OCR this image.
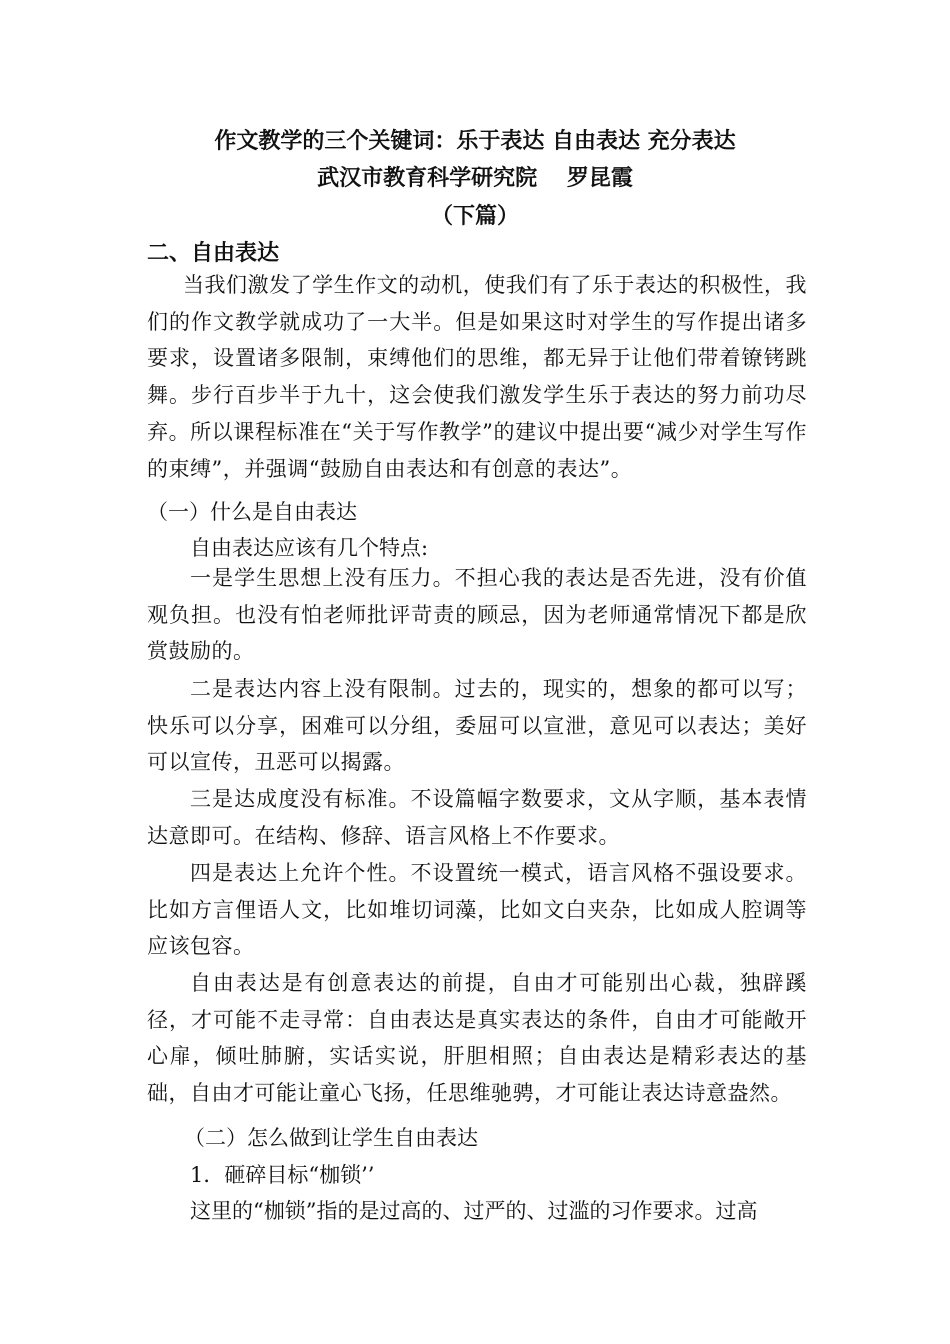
作文教学的三个关键词：乐于表达 自由表达 充分表达
武汉市教育科学研究院　 罗昆霞
（下篇）
二、自由表达

当我们激发了学生作文的动机，使我们有了乐于表达的积极性，我们的作文教学就成功了一大半。但是如果这时对学生的写作提出诸多要求，设置诸多限制，束缚他们的思维，都无异于让他们带着镣铐跳舞。步行百步半于九十，这会使我们激发学生乐于表达的努力前功尽弃。所以课程标准在“关于写作教学”的建议中提出要“减少对学生写作的束缚”，并强调“鼓励自由表达和有创意的表达”。

（一）什么是自由表达
自由表达应该有几个特点:

一是学生思想上没有压力。不担心我的表达是否先进，没有价值观负担。也没有怕老师批评苛责的顾忌，因为老师通常情况下都是欣赏鼓励的。

二是表达内容上没有限制。过去的，现实的，想象的都可以写；快乐可以分享，困难可以分组，委屈可以宣泄，意见可以表达；美好可以宣传，丑恶可以揭露。

三是达成度没有标准。不设篇幅字数要求，文从字顺，基本表情达意即可。在结构、修辞、语言风格上不作要求。

四是表达上允许个性。不设置统一模式，语言风格不强设要求。比如方言俚语人文，比如堆切词藻，比如文白夹杂，比如成人腔调等应该包容。

自由表达是有创意表达的前提，自由才可能别出心裁，独辟蹊径，才可能不走寻常：自由表达是真实表达的条件，自由才可能敞开心扉，倾吐肺腑，实话实说，肝胆相照；自由表达是精彩表达的基础，自由才可能让童心飞扬，任思维驰骋，才可能让表达诗意盎然。

（二）怎么做到让学生自由表达
1．砸碎目标“枷锁’’
这里的“枷锁”指的是过高的、过严的、过滥的习作要求。过高
